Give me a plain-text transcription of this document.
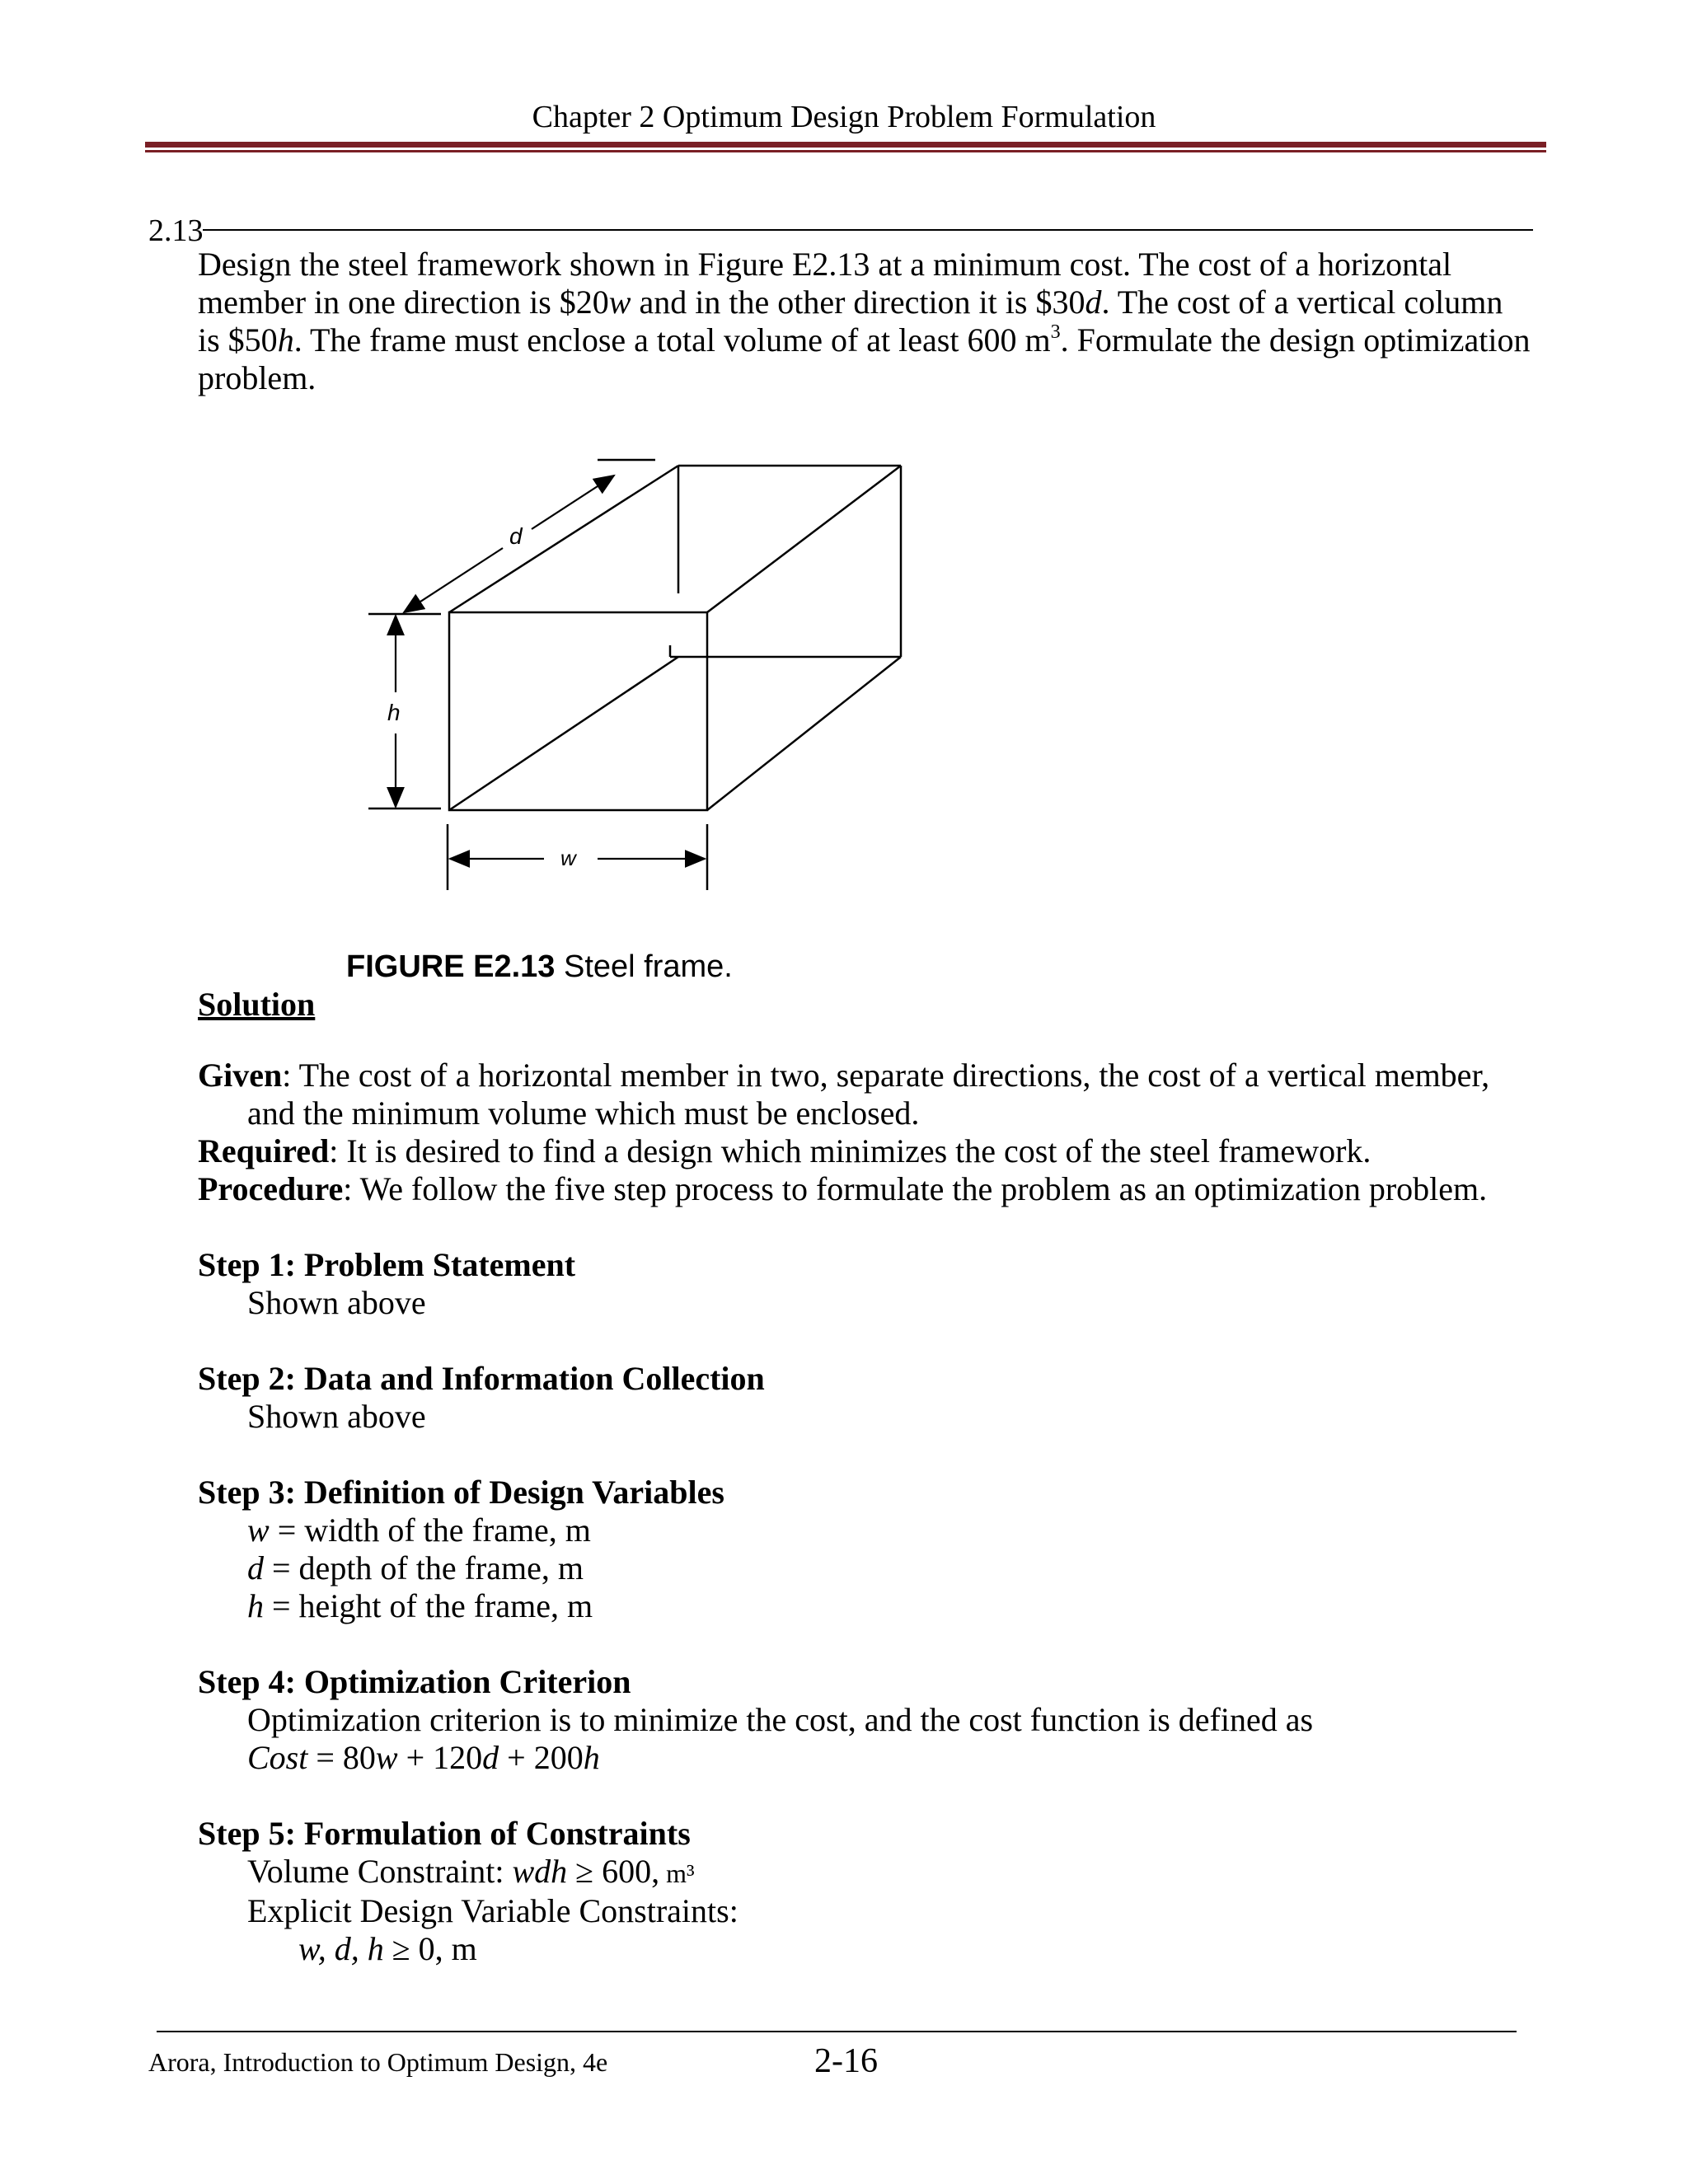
Chapter 2 Optimum Design Problem Formulation
2.13

Design the steel framework shown in Figure E2.13 at a minimum cost. The cost of a horizontal

member in one direction is $20w and in the other direction it is $30d. The cost of a vertical column

is $50h. The frame must enclose a total volume of at least 600 $m^3$. Formulate the design optimization

problem.

d
h
w
FIGURE E2.13 Steel frame.
Solution
Given: The cost of a horizontal member in two, separate directions, the cost of a vertical member,
and the minimum volume which must be enclosed.
Required: It is desired to find a design which minimizes the cost of the steel framework.
Procedure: We follow the five step process to formulate the problem as an optimization problem.
Step 1: Problem Statement
Shown above
Step 2: Data and Information Collection
Shown above
Step 3: Definition of Design Variables
w = width of the frame, m
d = depth of the frame, m
h = height of the frame, m
Step 4: Optimization Criterion
Optimization criterion is to minimize the cost, and the cost function is defined as
Cost = 80w + 120d + 200h
Step 5: Formulation of Constraints
Volume Constraint: wdh ≥ 600, m³
Explicit Design Variable Constraints:
w, d, h ≥ 0, m
Arora, Introduction to Optimum Design, 4e	2-16
